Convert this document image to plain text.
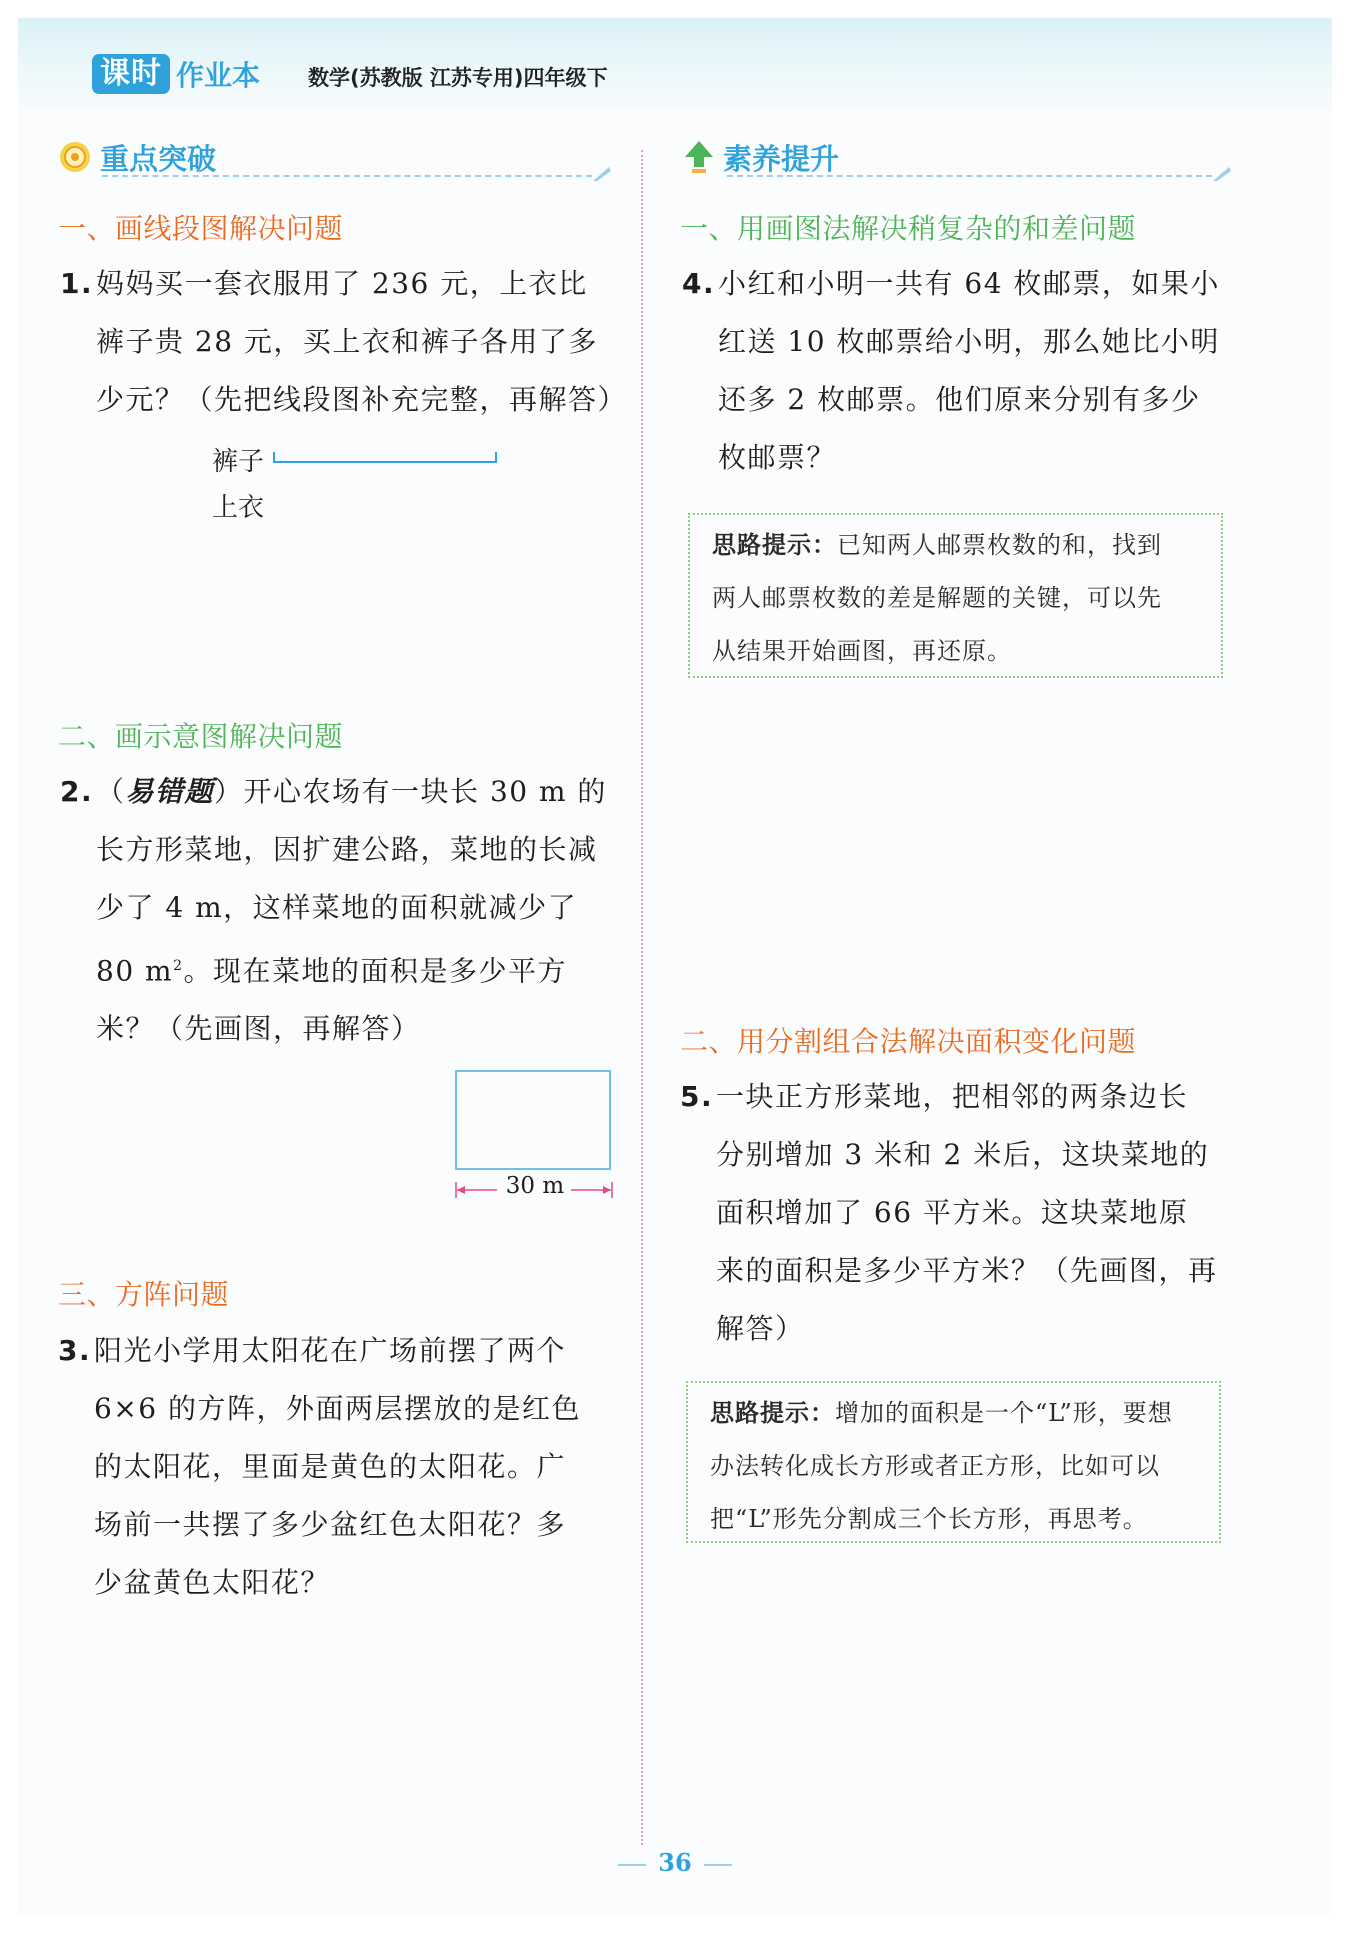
课时 作业本 数学(苏教版 江苏专用)四年级下
重点突破
一、画线段图解决问题
1. 妈妈买一套衣服用了 236 元，上衣比

裤子贵 28 元，买上衣和裤子各用了多

少元？（先把线段图补充完整，再解答）

裤子
上衣
二、画示意图解决问题
2. （易错题）开心农场有一块长 30 m 的

长方形菜地，因扩建公路，菜地的长减

少了 4 m，这样菜地的面积就减少了

80 $m^2$。现在菜地的面积是多少平方

米？（先画图，再解答）

30 m
三、方阵问题
3. 阳光小学用太阳花在广场前摆了两个

6×6 的方阵，外面两层摆放的是红色

的太阳花，里面是黄色的太阳花。广

场前一共摆了多少盆红色太阳花？多

少盆黄色太阳花？

素养提升
一、用画图法解决稍复杂的和差问题
4. 小红和小明一共有 64 枚邮票，如果小

红送 10 枚邮票给小明，那么她比小明

还多 2 枚邮票。他们原来分别有多少

枚邮票？

思路提示：已知两人邮票枚数的和，找到
两人邮票枚数的差是解题的关键，可以先
从结果开始画图，再还原。
二、用分割组合法解决面积变化问题
5. 一块正方形菜地，把相邻的两条边长

分别增加 3 米和 2 米后，这块菜地的

面积增加了 66 平方米。这块菜地原

来的面积是多少平方米？（先画图，再

解答）

思路提示：增加的面积是一个“L”形，要想
办法转化成长方形或者正方形，比如可以
把“L”形先分割成三个长方形，再思考。
36
